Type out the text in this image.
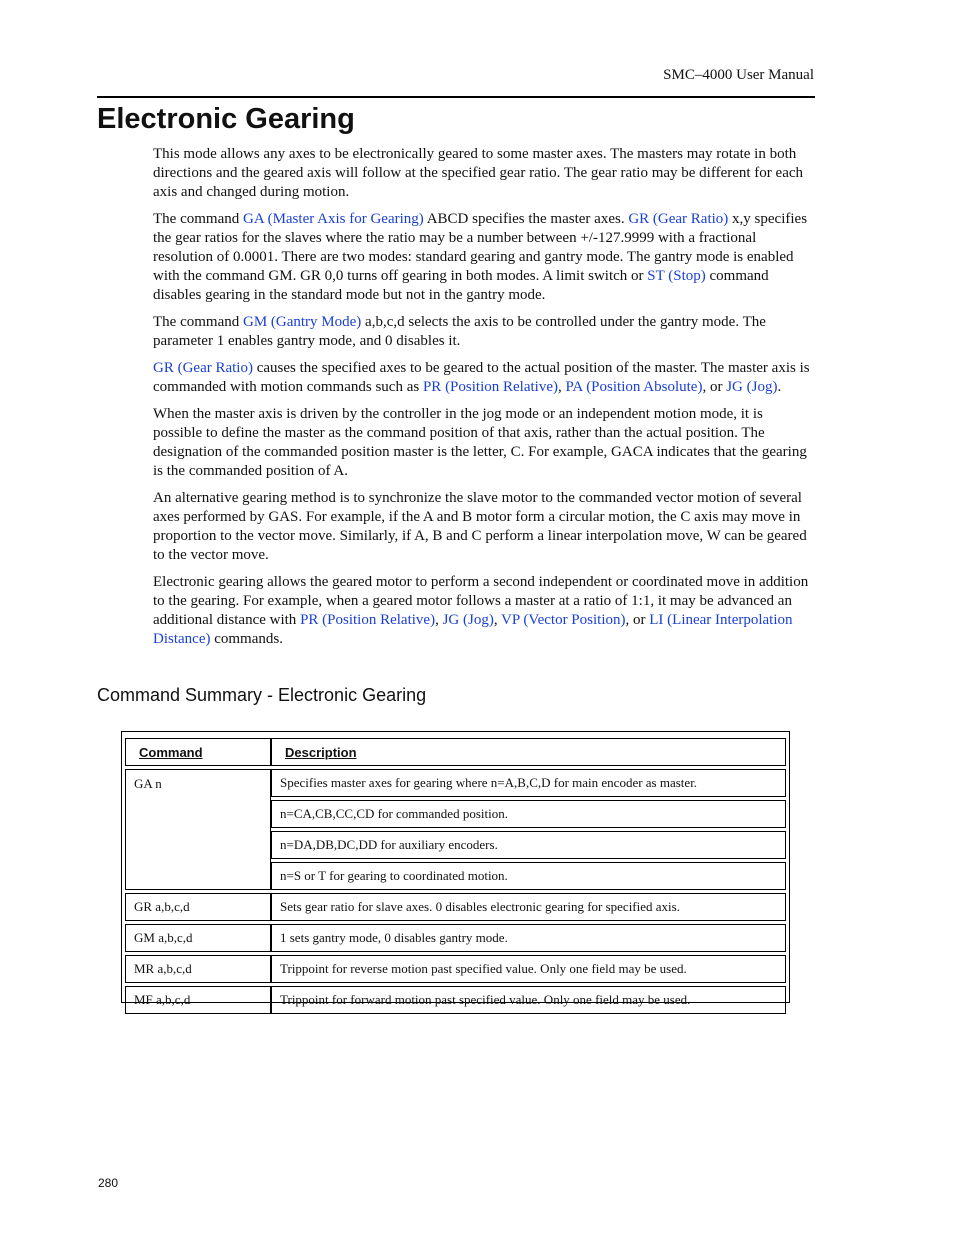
SMC–4000 User Manual
Electronic Gearing

This mode allows any axes to be electronically geared to some master axes. The masters may rotate in both directions and the geared axis will follow at the specified gear ratio. The gear ratio may be different for each axis and changed during motion.

The command GA (Master Axis for Gearing) ABCD specifies the master axes. GR (Gear Ratio) x,y specifies the gear ratios for the slaves where the ratio may be a number between +/-127.9999 with a fractional resolution of 0.0001. There are two modes: standard gearing and gantry mode. The gantry mode is enabled with the command GM. GR 0,0 turns off gearing in both modes. A limit switch or ST (Stop) command disables gearing in the standard mode but not in the gantry mode.

The command GM (Gantry Mode) a,b,c,d selects the axis to be controlled under the gantry mode. The parameter 1 enables gantry mode, and 0 disables it.

GR (Gear Ratio) causes the specified axes to be geared to the actual position of the master. The master axis is commanded with motion commands such as PR (Position Relative), PA (Position Absolute), or JG (Jog).

When the master axis is driven by the controller in the jog mode or an independent motion mode, it is possible to define the master as the command position of that axis, rather than the actual position. The designation of the commanded position master is the letter, C. For example, GACA indicates that the gearing is the commanded position of A.

An alternative gearing method is to synchronize the slave motor to the commanded vector motion of several axes performed by GAS. For example, if the A and B motor form a circular motion, the C axis may move in proportion to the vector move. Similarly, if A, B and C perform a linear interpolation move, W can be geared to the vector move.

Electronic gearing allows the geared motor to perform a second independent or coordinated move in addition to the gearing. For example, when a geared motor follows a master at a ratio of 1:1, it may be advanced an additional distance with PR (Position Relative), JG (Jog), VP (Vector Position), or LI (Linear Interpolation Distance) commands.

Command Summary - Electronic Gearing
Command	Description
GA n	Specifies master axes for gearing where n=A,B,C,D for main encoder as master.
	n=CA,CB,CC,CD for commanded position.
	n=DA,DB,DC,DD for auxiliary encoders.
	n=S or T for gearing to coordinated motion.
GR a,b,c,d	Sets gear ratio for slave axes. 0 disables electronic gearing for specified axis.
GM a,b,c,d	1 sets gantry mode, 0 disables gantry mode.
MR a,b,c,d	Trippoint for reverse motion past specified value. Only one field may be used.
MF a,b,c,d	Trippoint for forward motion past specified value. Only one field may be used.
280
